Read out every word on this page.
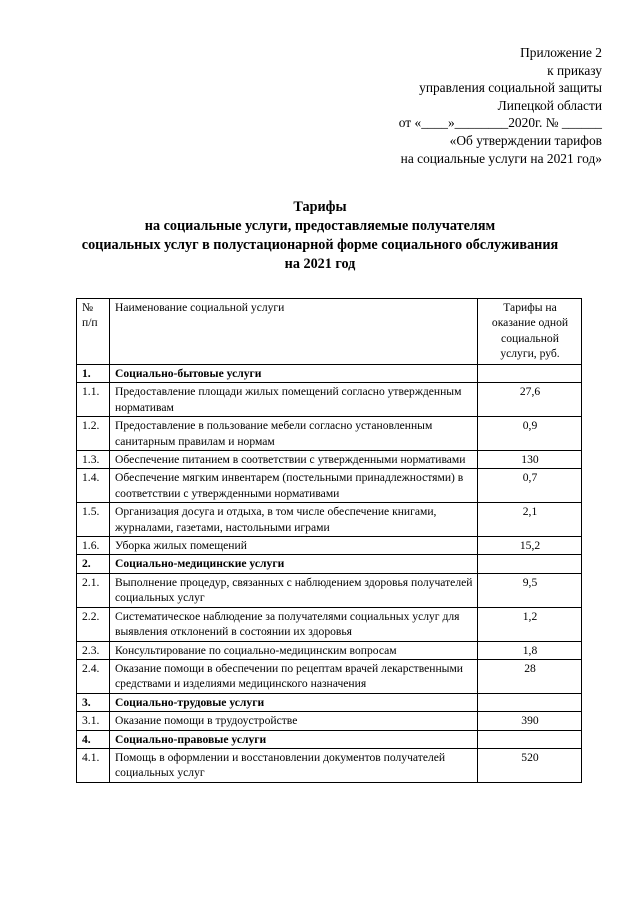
Приложение 2
к приказу
управления социальной защиты
Липецкой области
от «____»________2020г. № ______
«Об утверждении тарифов
на социальные услуги на 2021 год»
Тарифы
на социальные услуги, предоставляемые получателям
социальных услуг в полустационарной форме социального обслуживания
на 2021 год
№ п/п	Наименование социальной услуги	Тарифы на оказание одной социальной услуги, руб.
1.	Социально-бытовые услуги	
1.1.	Предоставление площади жилых помещений согласно утвержденным нормативам	27,6
1.2.	Предоставление в пользование мебели согласно установленным санитарным правилам и нормам	0,9
1.3.	Обеспечение питанием в соответствии с утвержденными нормативами	130
1.4.	Обеспечение мягким инвентарем (постельными принадлежностями) в соответствии с утвержденными нормативами	0,7
1.5.	Организация досуга и отдыха, в том числе обеспечение книгами, журналами, газетами, настольными играми	2,1
1.6.	Уборка жилых помещений	15,2
2.	Социально-медицинские услуги	
2.1.	Выполнение процедур, связанных с наблюдением здоровья получателей социальных услуг	9,5
2.2.	Систематическое наблюдение за получателями социальных услуг для выявления отклонений в состоянии их здоровья	1,2
2.3.	Консультирование по социально-медицинским вопросам	1,8
2.4.	Оказание помощи в обеспечении по рецептам врачей лекарственными средствами и изделиями медицинского назначения	28
3.	Социально-трудовые услуги	
3.1.	Оказание помощи в трудоустройстве	390
4.	Социально-правовые услуги	
4.1.	Помощь в оформлении и восстановлении документов получателей социальных услуг	520
